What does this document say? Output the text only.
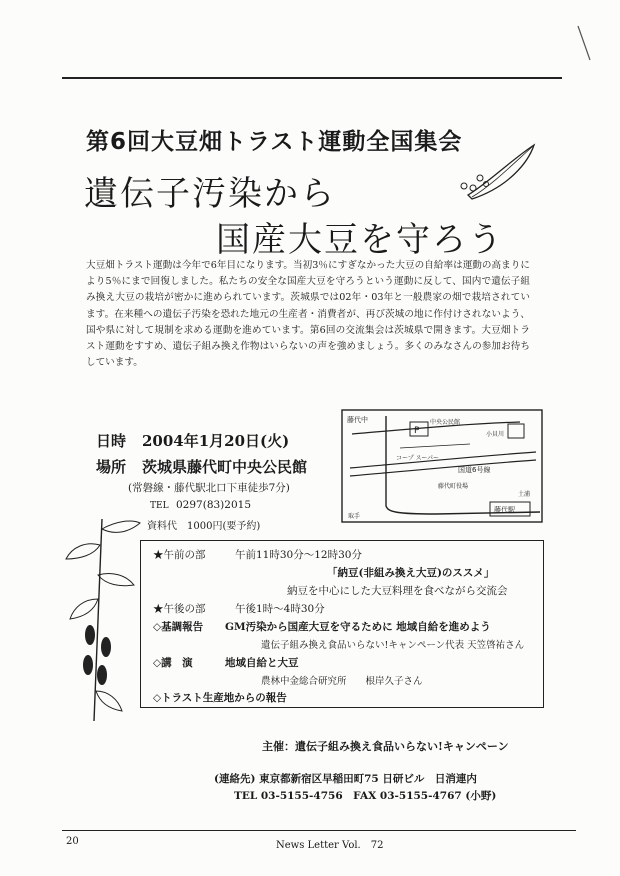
第6回大豆畑トラスト運動全国集会
遺伝子汚染から
国産大豆を守ろう
大豆畑トラスト運動は今年で6年目になります。当初3％にすぎなかった大豆の自給率は運動の高まりにより5％にまで回復しました。私たちの安全な国産大豆を守ろうという運動に反して、国内で遺伝子組み換え大豆の栽培が密かに進められています。茨城県では02年・03年と一般農家の畑で栽培されています。在来種への遺伝子汚染を恐れた地元の生産者・消費者が、再び茨城の地に作付けされないよう、国や県に対して規制を求める運動を進めています。第6回の交流集会は茨城県で開きます。大豆畑トラスト運動をすすめ、遺伝子組み換え作物はいらないの声を強めましょう。多くのみなさんの参加お待ちしています。
日時 2004年1月20日(火)
場所 茨城県藤代町中央公民館
(常磐線・藤代駅北口下車徒歩7分)
TEL 0297(83)2015
資料代　1000円(要予約)
P
藤代中	中央公民館
コープ スーパー
国道6号線
藤代町役場
藤代駅
小貝川
取手
土浦
★午前の部	午前11時30分～12時30分
「納豆(非組み換え大豆)のススメ」
納豆を中心にした大豆料理を食べながら交流会
★午後の部	午後1時～4時30分
◇基調報告 GM汚染から国産大豆を守るために 地域自給を進めよう
遺伝子組み換え食品いらない!キャンペーン代表 天笠啓祐さん
◇講　演	地域自給と大豆
農林中金総合研究所　　根岸久子さん
◇トラスト生産地からの報告
主催：遺伝子組み換え食品いらない!キャンペーン
(連絡先) 東京都新宿区早稲田町75 日研ビル　日消連内
TEL 03-5155-4756　FAX 03-5155-4767 (小野)
20	News Letter Vol.　72
